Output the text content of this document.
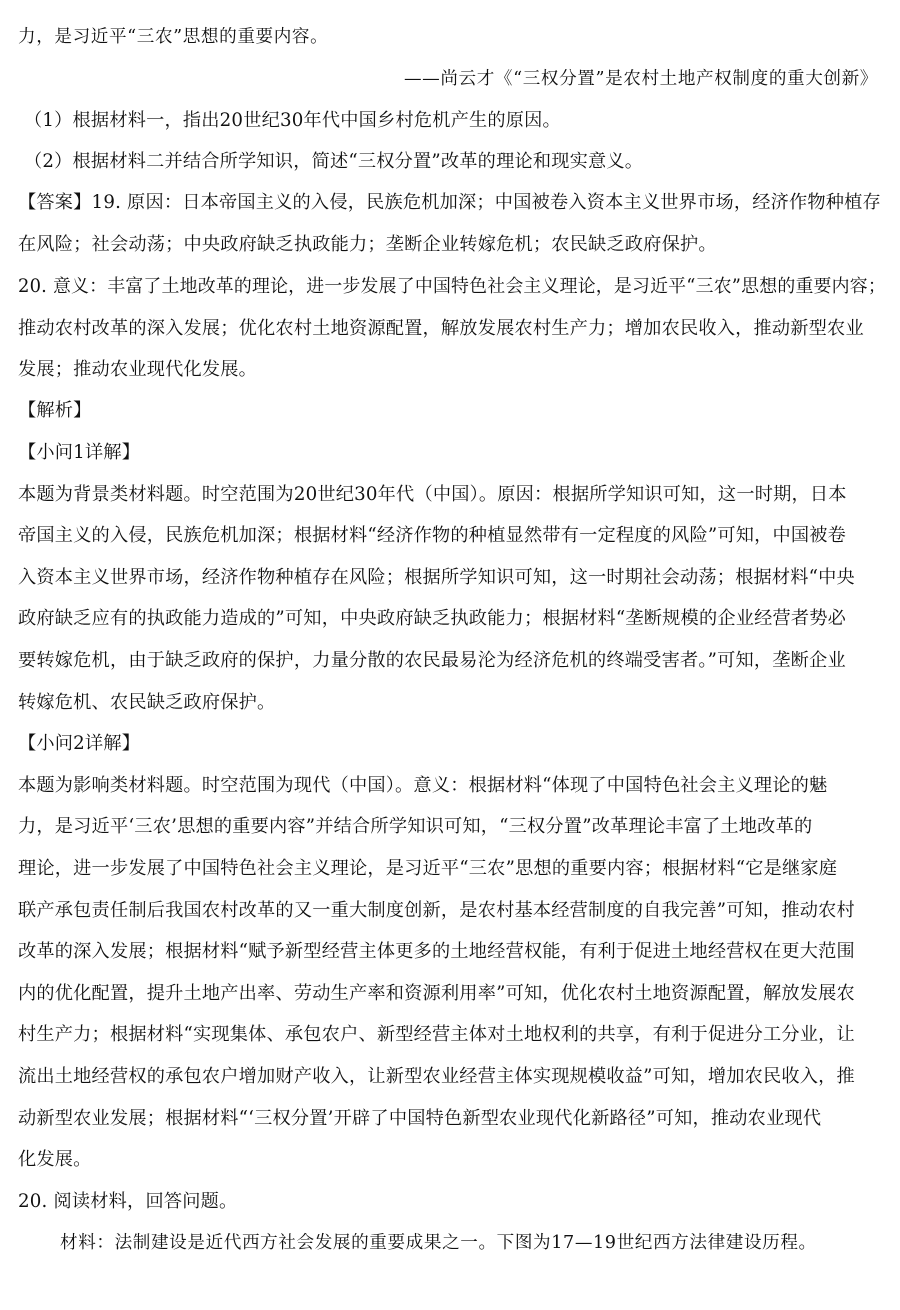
力，是习近平“三农”思想的重要内容。
——尚云才《“三权分置”是农村土地产权制度的重大创新》
（1）根据材料一，指出20世纪30年代中国乡村危机产生的原因。
（2）根据材料二并结合所学知识，简述“三权分置”改革的理论和现实意义。
【答案】19. 原因：日本帝国主义的入侵，民族危机加深；中国被卷入资本主义世界市场，经济作物种植存
在风险；社会动荡；中央政府缺乏执政能力；垄断企业转嫁危机；农民缺乏政府保护。
20. 意义：丰富了土地改革的理论，进一步发展了中国特色社会主义理论，是习近平“三农”思想的重要内容；
推动农村改革的深入发展；优化农村土地资源配置，解放发展农村生产力；增加农民收入，推动新型农业
发展；推动农业现代化发展。
【解析】
【小问1详解】
本题为背景类材料题。时空范围为20世纪30年代（中国）。原因：根据所学知识可知，这一时期，日本
帝国主义的入侵，民族危机加深；根据材料“经济作物的种植显然带有一定程度的风险”可知，中国被卷
入资本主义世界市场，经济作物种植存在风险；根据所学知识可知，这一时期社会动荡；根据材料“中央
政府缺乏应有的执政能力造成的”可知，中央政府缺乏执政能力；根据材料“垄断规模的企业经营者势必
要转嫁危机，由于缺乏政府的保护，力量分散的农民最易沦为经济危机的终端受害者。”可知，垄断企业
转嫁危机、农民缺乏政府保护。
【小问2详解】
本题为影响类材料题。时空范围为现代（中国）。意义：根据材料“体现了中国特色社会主义理论的魅
力，是习近平‘三农’思想的重要内容”并结合所学知识可知，“三权分置”改革理论丰富了土地改革的
理论，进一步发展了中国特色社会主义理论，是习近平“三农”思想的重要内容；根据材料“它是继家庭
联产承包责任制后我国农村改革的又一重大制度创新，是农村基本经营制度的自我完善”可知，推动农村
改革的深入发展；根据材料“赋予新型经营主体更多的土地经营权能，有利于促进土地经营权在更大范围
内的优化配置，提升土地产出率、劳动生产率和资源利用率”可知，优化农村土地资源配置，解放发展农
村生产力；根据材料“实现集体、承包农户、新型经营主体对土地权利的共享，有利于促进分工分业，让
流出土地经营权的承包农户增加财产收入，让新型农业经营主体实现规模收益”可知，增加农民收入，推
动新型农业发展；根据材料“‘三权分置’开辟了中国特色新型农业现代化新路径”可知，推动农业现代
化发展。
20. 阅读材料，回答问题。
材料：法制建设是近代西方社会发展的重要成果之一。下图为17—19世纪西方法律建设历程。
